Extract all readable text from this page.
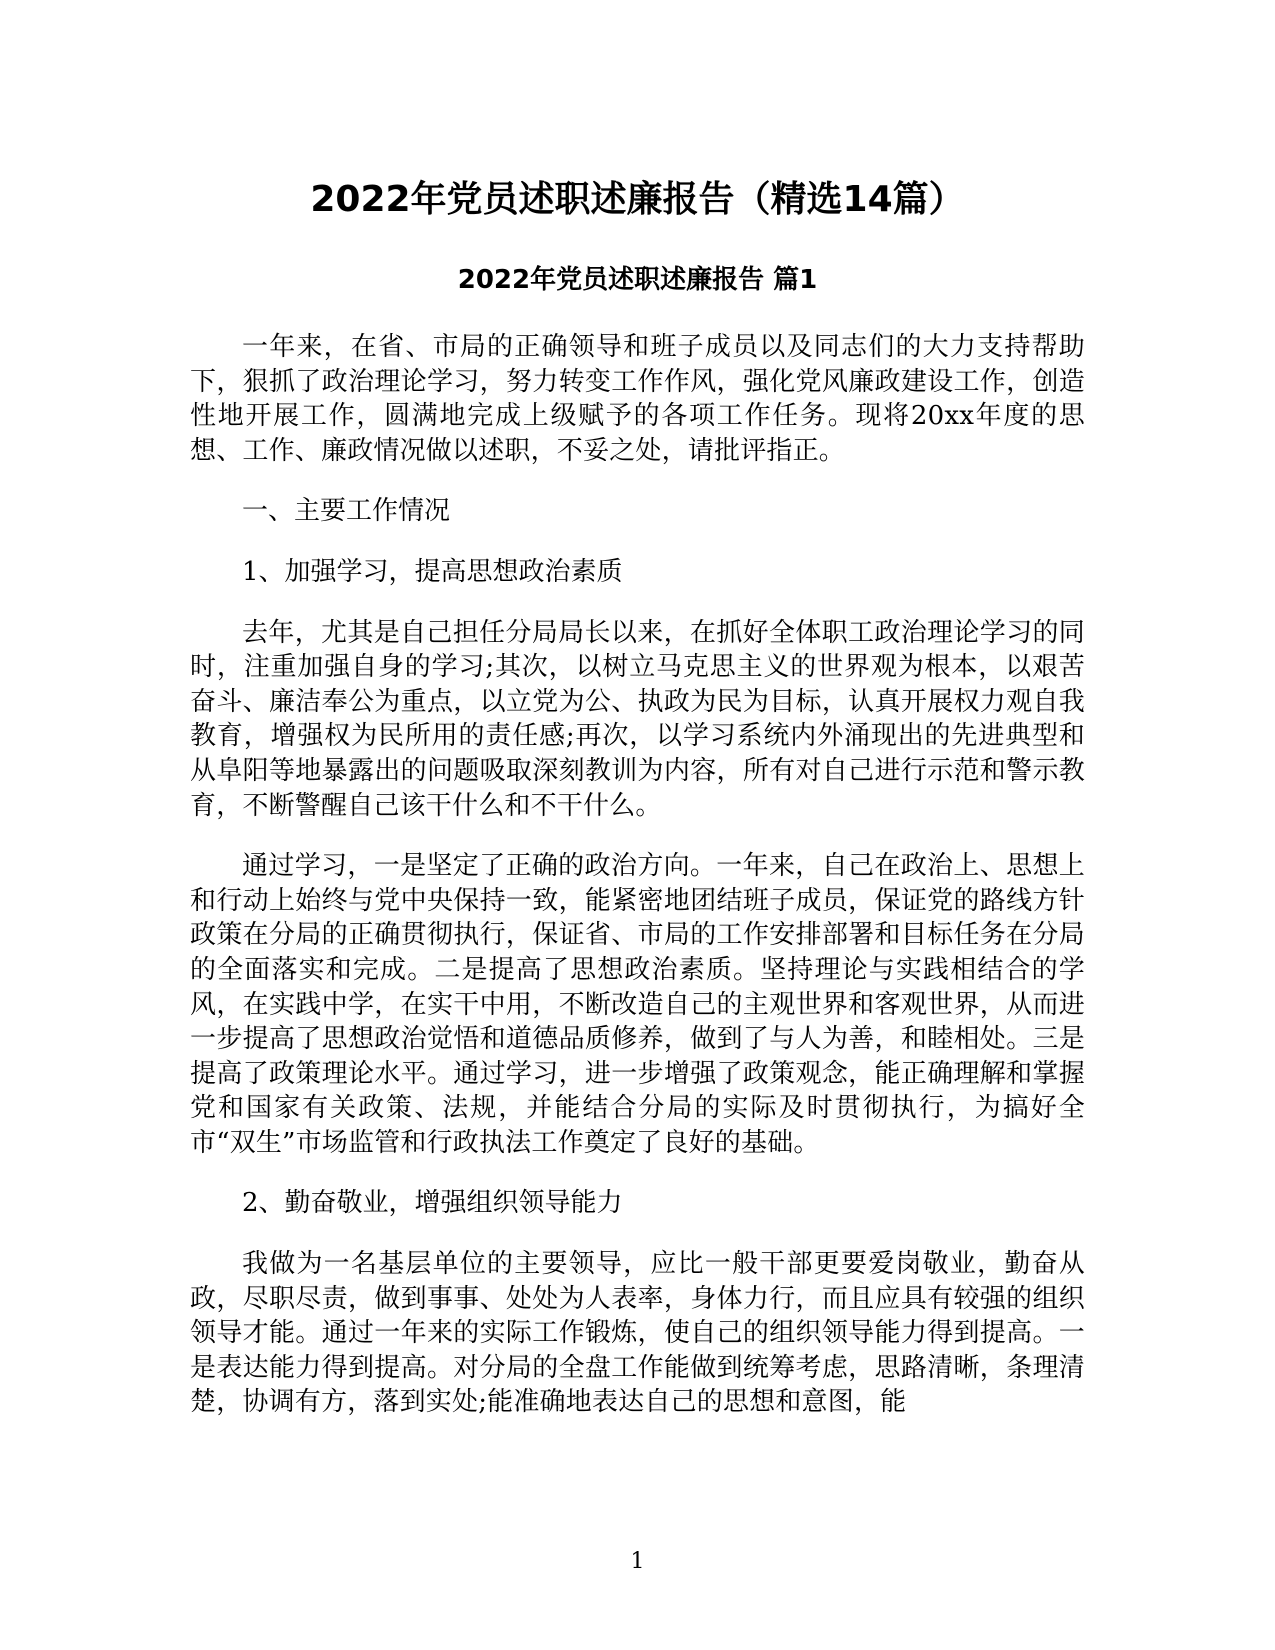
2022年党员述职述廉报告（精选14篇）
2022年党员述职述廉报告 篇1

一年来，在省、市局的正确领导和班子成员以及同志们的大力支持帮助下，狠抓了政治理论学习，努力转变工作作风，强化党风廉政建设工作，创造性地开展工作，圆满地完成上级赋予的各项工作任务。现将20xx年度的思想、工作、廉政情况做以述职，不妥之处，请批评指正。

一、主要工作情况

1、加强学习，提高思想政治素质

去年，尤其是自己担任分局局长以来，在抓好全体职工政治理论学习的同时，注重加强自身的学习;其次，以树立马克思主义的世界观为根本，以艰苦奋斗、廉洁奉公为重点，以立党为公、执政为民为目标，认真开展权力观自我教育，增强权为民所用的责任感;再次，以学习系统内外涌现出的先进典型和从阜阳等地暴露出的问题吸取深刻教训为内容，所有对自己进行示范和警示教育，不断警醒自己该干什么和不干什么。

通过学习，一是坚定了正确的政治方向。一年来，自己在政治上、思想上和行动上始终与党中央保持一致，能紧密地团结班子成员，保证党的路线方针政策在分局的正确贯彻执行，保证省、市局的工作安排部署和目标任务在分局的全面落实和完成。二是提高了思想政治素质。坚持理论与实践相结合的学风，在实践中学，在实干中用，不断改造自己的主观世界和客观世界，从而进一步提高了思想政治觉悟和道德品质修养，做到了与人为善，和睦相处。三是提高了政策理论水平。通过学习，进一步增强了政策观念，能正确理解和掌握党和国家有关政策、法规，并能结合分局的实际及时贯彻执行，为搞好全市“双生”市场监管和行政执法工作奠定了良好的基础。

2、勤奋敬业，增强组织领导能力

我做为一名基层单位的主要领导，应比一般干部更要爱岗敬业，勤奋从政，尽职尽责，做到事事、处处为人表率，身体力行，而且应具有较强的组织领导才能。通过一年来的实际工作锻炼，使自己的组织领导能力得到提高。一是表达能力得到提高。对分局的全盘工作能做到统筹考虑，思路清晰，条理清楚，协调有方，落到实处;能准确地表达自己的思想和意图，能

1
